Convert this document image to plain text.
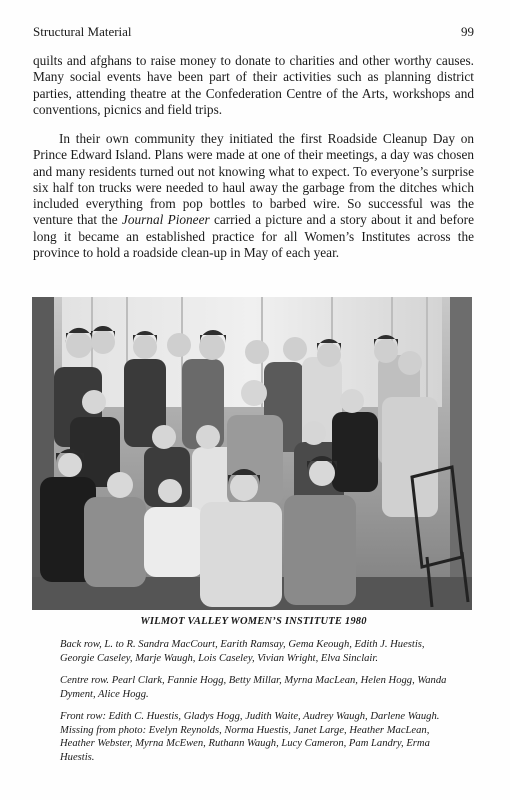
Structural Material	99

quilts and afghans to raise money to donate to charities and other worthy causes. Many social events have been part of their activities such as planning district parties, attending theatre at the Confederation Centre of the Arts, workshops and conventions, picnics and field trips.

In their own community they initiated the first Roadside Cleanup Day on Prince Edward Island. Plans were made at one of their meetings, a day was chosen and many residents turned out not knowing what to expect. To everyone’s surprise six half ton trucks were needed to haul away the garbage from the ditches which included everything from pop bottles to barbed wire. So successful was the venture that the Journal Pioneer carried a picture and a story about it and before long it became an established practice for all Women’s Institutes across the province to hold a roadside clean-up in May of each year.

WILMOT VALLEY WOMEN’S INSTITUTE 1980

Back row, L. to R. Sandra MacCourt, Earith Ramsay, Gema Keough, Edith J. Huestis, Georgie Caseley, Marje Waugh, Lois Caseley, Vivian Wright, Elva Sinclair.

Centre row. Pearl Clark, Fannie Hogg, Betty Millar, Myrna MacLean, Helen Hogg, Wanda Dyment, Alice Hogg.

Front row: Edith C. Huestis, Gladys Hogg, Judith Waite, Audrey Waugh, Darlene Waugh. Missing from photo: Evelyn Reynolds, Norma Huestis, Janet Large, Heather MacLean, Heather Webster, Myrna McEwen, Ruthann Waugh, Lucy Cameron, Pam Landry, Erma Huestis.
